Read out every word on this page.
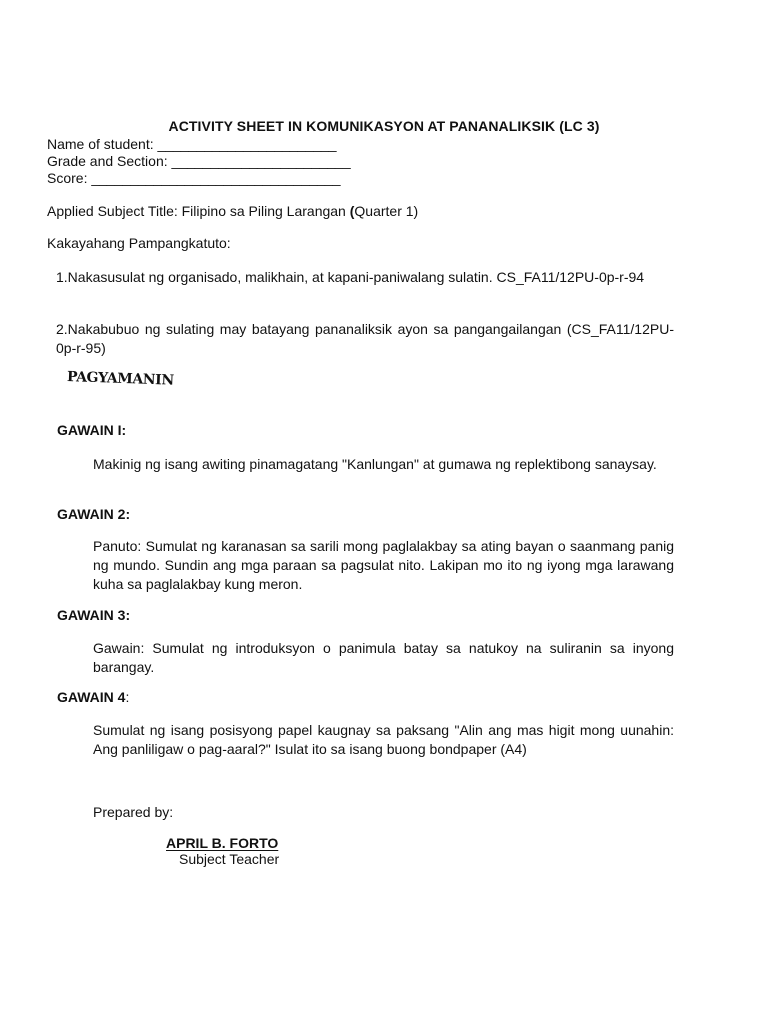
ACTIVITY SHEET IN KOMUNIKASYON AT PANANALIKSIK (LC 3)
Name of student: _______________________
Grade and Section: _______________________
Score: ________________________________
Applied Subject Title: Filipino sa Piling Larangan (Quarter 1)
Kakayahang Pampangkatuto:
1.Nakasusulat ng organisado, malikhain, at kapani-paniwalang sulatin. CS_FA11/12PU-0p-r-94
2.Nakabubuo ng sulating may batayang pananaliksik ayon sa pangangailangan (CS_FA11/12PU-0p-r-95)
PAGYAMANIN
GAWAIN I:
Makinig ng isang awiting pinamagatang "Kanlungan" at gumawa ng replektibong sanaysay.
GAWAIN 2:
Panuto: Sumulat ng karanasan sa sarili mong paglalakbay sa ating bayan o saanmang panig ng mundo. Sundin ang mga paraan sa pagsulat nito. Lakipan mo ito ng iyong mga larawang kuha sa paglalakbay kung meron.
GAWAIN 3:
Gawain: Sumulat ng introduksyon o panimula batay sa natukoy na suliranin sa inyong barangay.
GAWAIN 4:
Sumulat ng isang posisyong papel kaugnay sa paksang "Alin ang mas higit mong uunahin: Ang panliligaw o pag-aaral?" Isulat ito sa isang buong bondpaper (A4)
Prepared by:
APRIL B. FORTO
Subject Teacher
